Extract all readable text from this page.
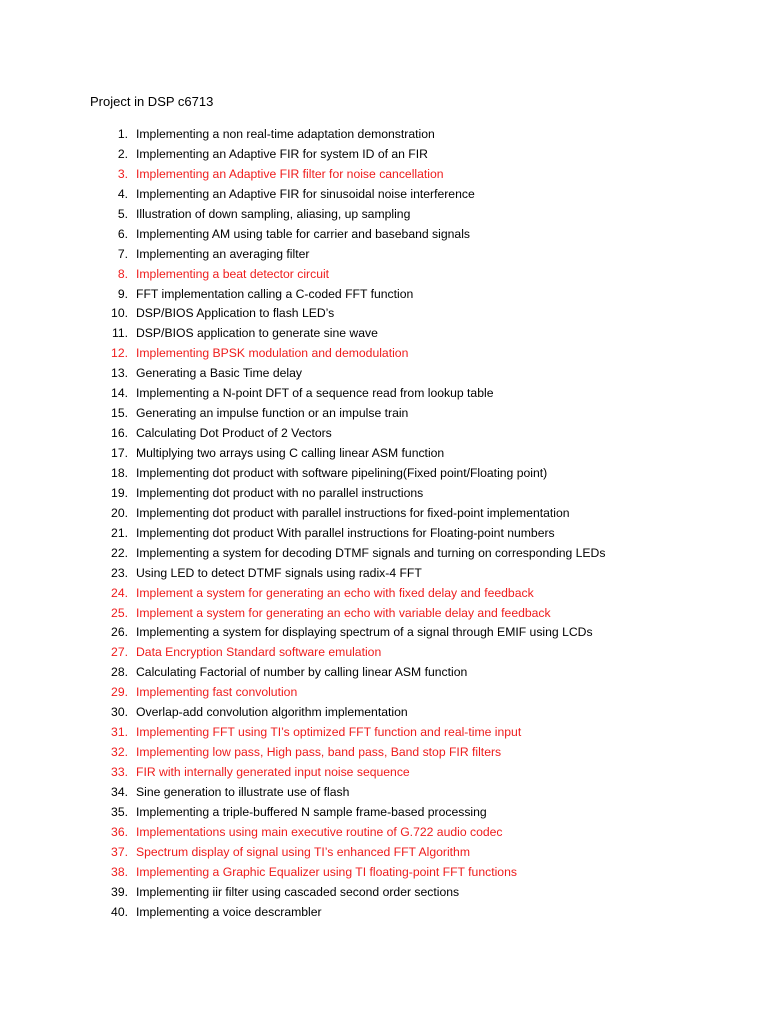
Project in DSP c6713
1. Implementing a non real-time adaptation demonstration
2. Implementing an Adaptive FIR for system ID of an FIR
3. Implementing an Adaptive FIR filter for noise cancellation
4. Implementing an Adaptive FIR for sinusoidal noise interference
5. Illustration of down sampling, aliasing, up sampling
6. Implementing AM using table for carrier and baseband signals
7. Implementing an averaging filter
8. Implementing a beat detector circuit
9. FFT implementation calling a C-coded FFT function
10. DSP/BIOS Application to flash LED’s
11. DSP/BIOS application to generate sine wave
12. Implementing BPSK modulation and demodulation
13. Generating a Basic Time delay
14. Implementing a N-point DFT of a sequence read from lookup table
15. Generating an impulse function or an impulse train
16. Calculating Dot Product of 2 Vectors
17. Multiplying two arrays using C calling linear ASM function
18. Implementing dot product with software pipelining(Fixed point/Floating point)
19. Implementing dot product with no parallel instructions
20. Implementing dot product with parallel instructions for fixed-point implementation
21. Implementing dot product With parallel instructions for Floating-point numbers
22. Implementing a system for decoding DTMF signals and turning on corresponding LEDs
23. Using LED to detect DTMF signals using radix-4 FFT
24. Implement a system for generating an echo with fixed delay and feedback
25. Implement a system for generating an echo with variable delay and feedback
26. Implementing a system for displaying spectrum of a signal through EMIF using LCDs
27. Data Encryption Standard software emulation
28. Calculating Factorial of number by calling linear ASM function
29. Implementing fast convolution
30. Overlap-add convolution algorithm implementation
31. Implementing FFT using TI’s optimized FFT function and real-time input
32. Implementing low pass, High pass, band pass, Band stop FIR filters
33. FIR with internally generated input noise sequence
34. Sine generation to illustrate use of flash
35. Implementing a triple-buffered N sample frame-based processing
36. Implementations using main executive routine of G.722 audio codec
37. Spectrum display of signal using TI’s enhanced FFT Algorithm
38. Implementing a Graphic Equalizer using TI floating-point FFT functions
39. Implementing iir filter using cascaded second order sections
40. Implementing a voice descrambler
